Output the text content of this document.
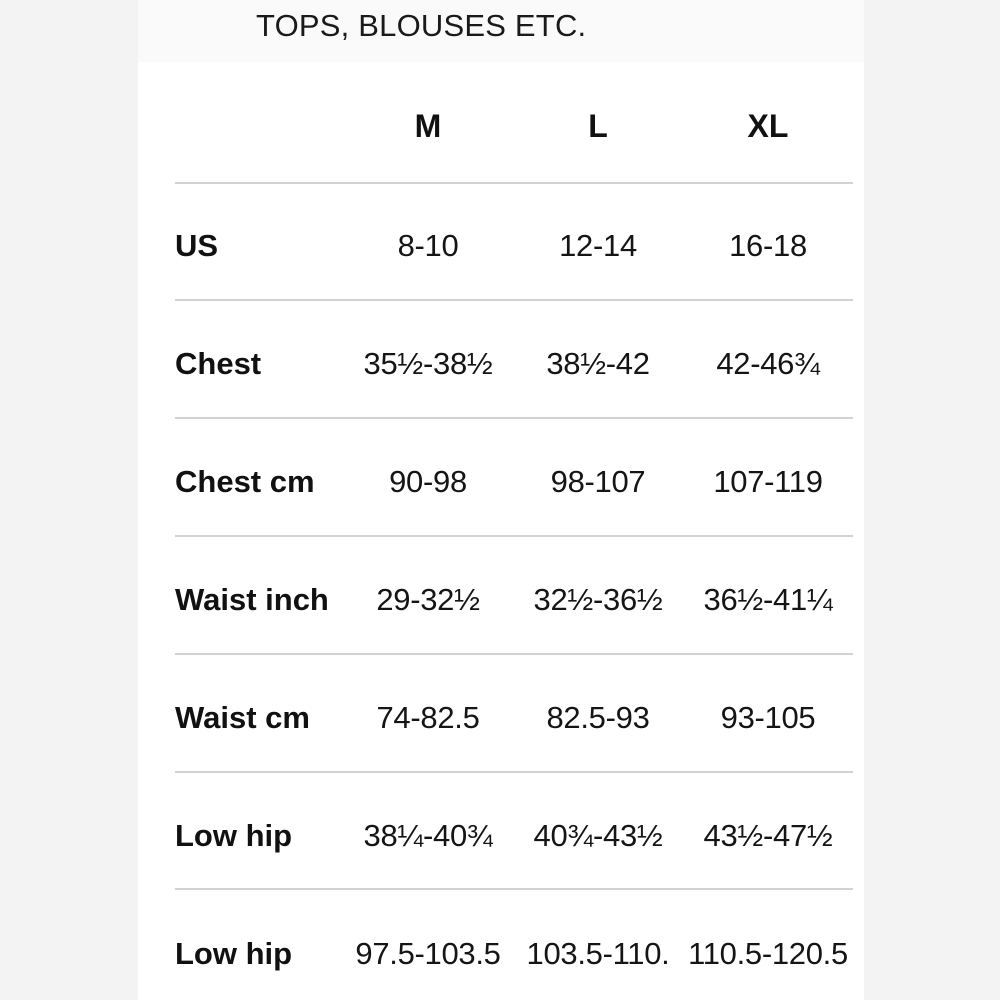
TOPS, BLOUSES ETC.
M	L	XL
US	8-10	12-14	16-18
Chest	35½-38½	38½-42	42-46¾
Chest cm	90-98	98-107	107-119
Waist inch	29-32½	32½-36½	36½-41¼
Waist cm	74-82.5	82.5-93	93-105
Low hip	38¼-40¾	40¾-43½	43½-47½
Low hip	97.5-103.5 103.5-110. 110.5-120.5
